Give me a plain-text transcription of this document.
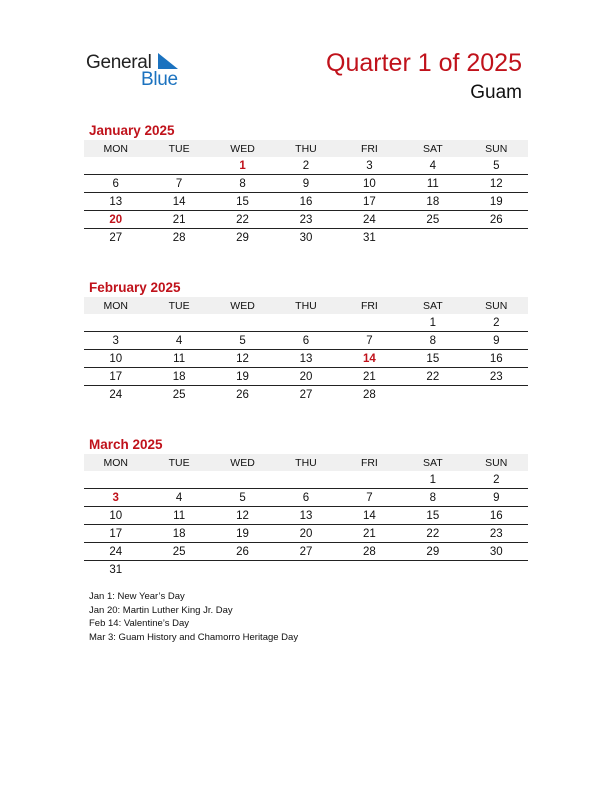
General
Blue
Quarter 1 of 2025
Guam
January 2025
MON	TUE	WED	THU	FRI	SAT	SUN
		1	2	3	4	5
6	7	8	9	10	11	12
13	14	15	16	17	18	19
20	21	22	23	24	25	26
27	28	29	30	31		
February 2025
MON	TUE	WED	THU	FRI	SAT	SUN
					1	2
3	4	5	6	7	8	9
10	11	12	13	14	15	16
17	18	19	20	21	22	23
24	25	26	27	28		
March 2025
MON	TUE	WED	THU	FRI	SAT	SUN
					1	2
3	4	5	6	7	8	9
10	11	12	13	14	15	16
17	18	19	20	21	22	23
24	25	26	27	28	29	30
31						
Jan 1: New Year’s Day
Jan 20: Martin Luther King Jr. Day
Feb 14: Valentine’s Day
Mar 3: Guam History and Chamorro Heritage Day
